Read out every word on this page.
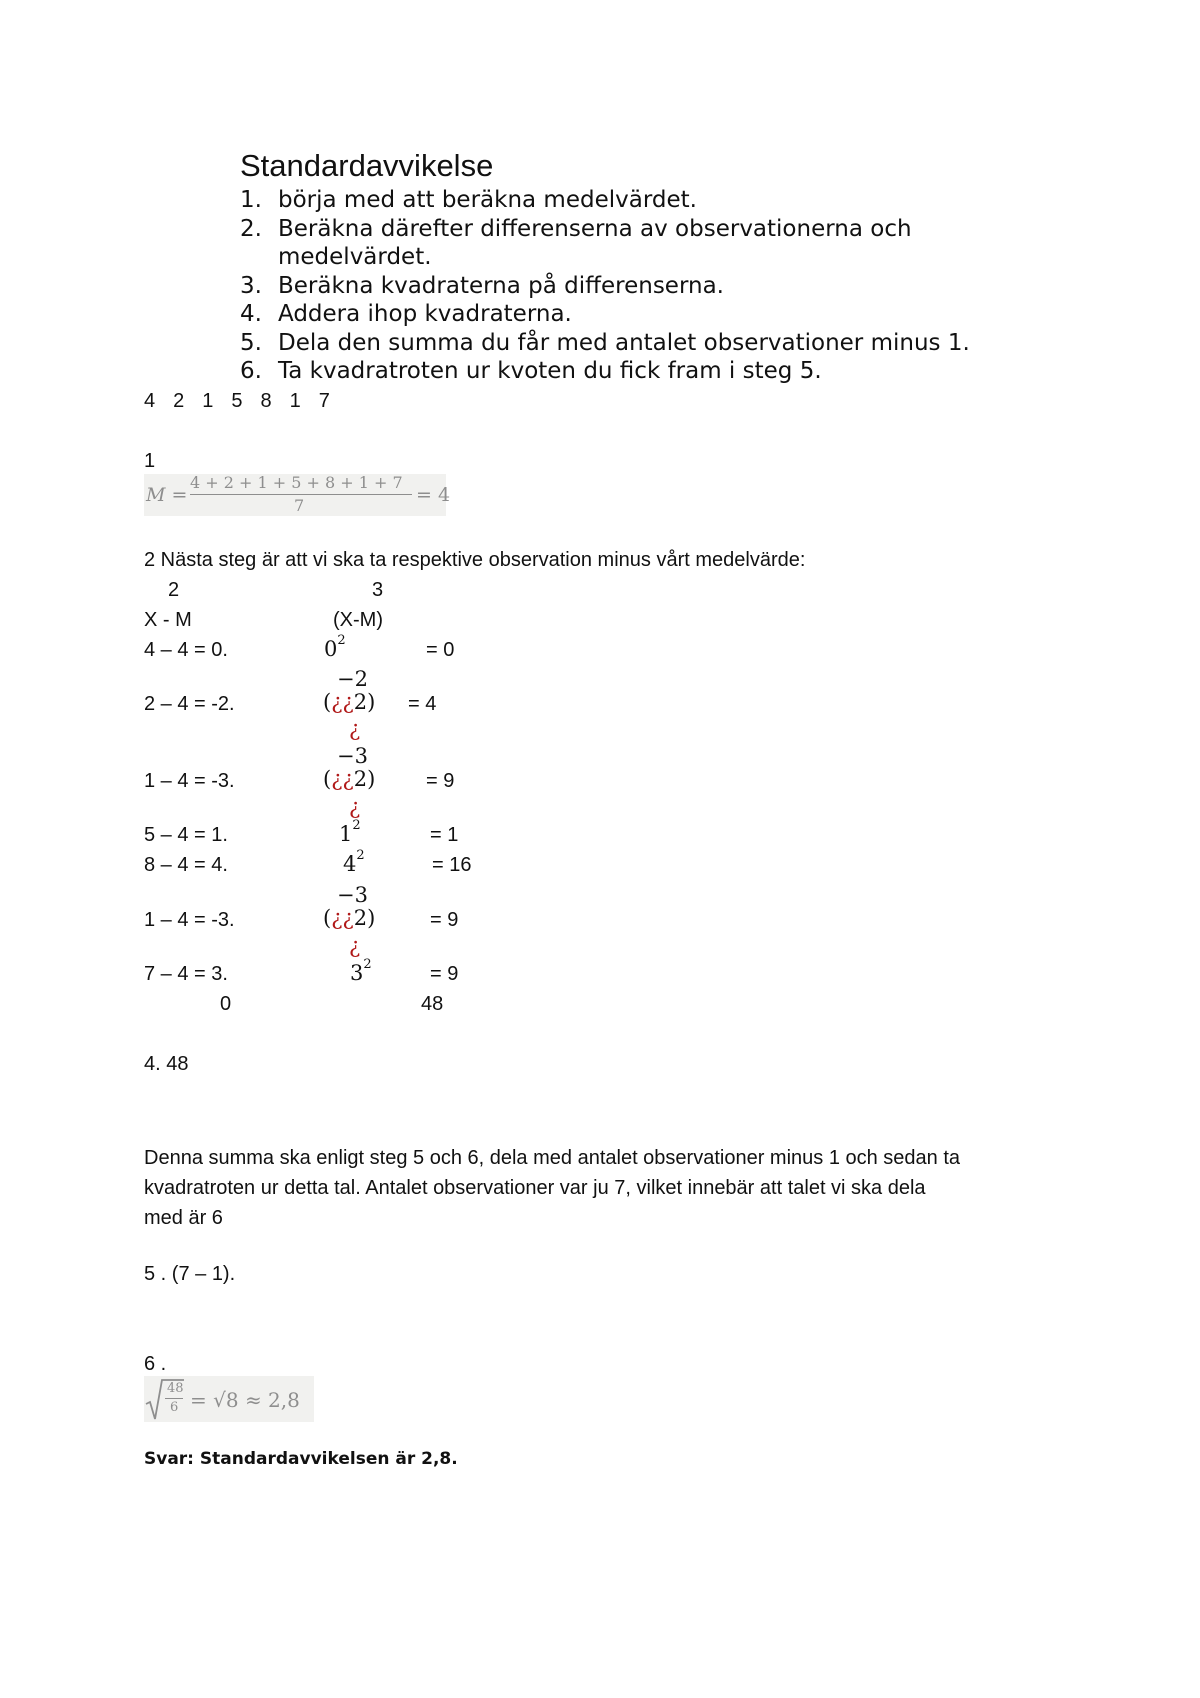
Standardavvikelse
1. börja med att beräkna medelvärdet.
2. Beräkna därefter differenserna av observationerna och
medelvärdet.
3. Beräkna kvadraterna på differenserna.
4. Addera ihop kvadraterna.
5. Dela den summa du får med antalet observationer minus 1.
6. Ta kvadratroten ur kvoten du fick fram i steg 5.
4 2 1 5 8 1 7
1
M =
4 + 2 + 1 + 5 + 8 + 1 + 7
7	= 4
2 Nästa steg är att vi ska ta respektive observation minus vårt medelvärde:
2	3
X - M	(X-M)
4 – 4 = 0.	$0^2$	= 0
−2
2 – 4 = -2.	(¿¿2) = 4
¿
−3
1 – 4 = -3.	(¿¿2)	= 9
¿
5 – 4 = 1.	$1^2$	= 1
8 – 4 = 4.	$4^2$	= 16
−3
1 – 4 = -3.	(¿¿2)	= 9
¿
7 – 4 = 3.	$3^2$	= 9
0	48
4. 48
Denna summa ska enligt steg 5 och 6, dela med antalet observationer minus 1 och sedan ta
kvadratroten ur detta tal. Antalet observationer var ju 7, vilket innebär att talet vi ska dela
med är 6
5 . (7 – 1).
6 .
48
6 = √8 ≈ 2,8
Svar: Standardavvikelsen är 2,8.
